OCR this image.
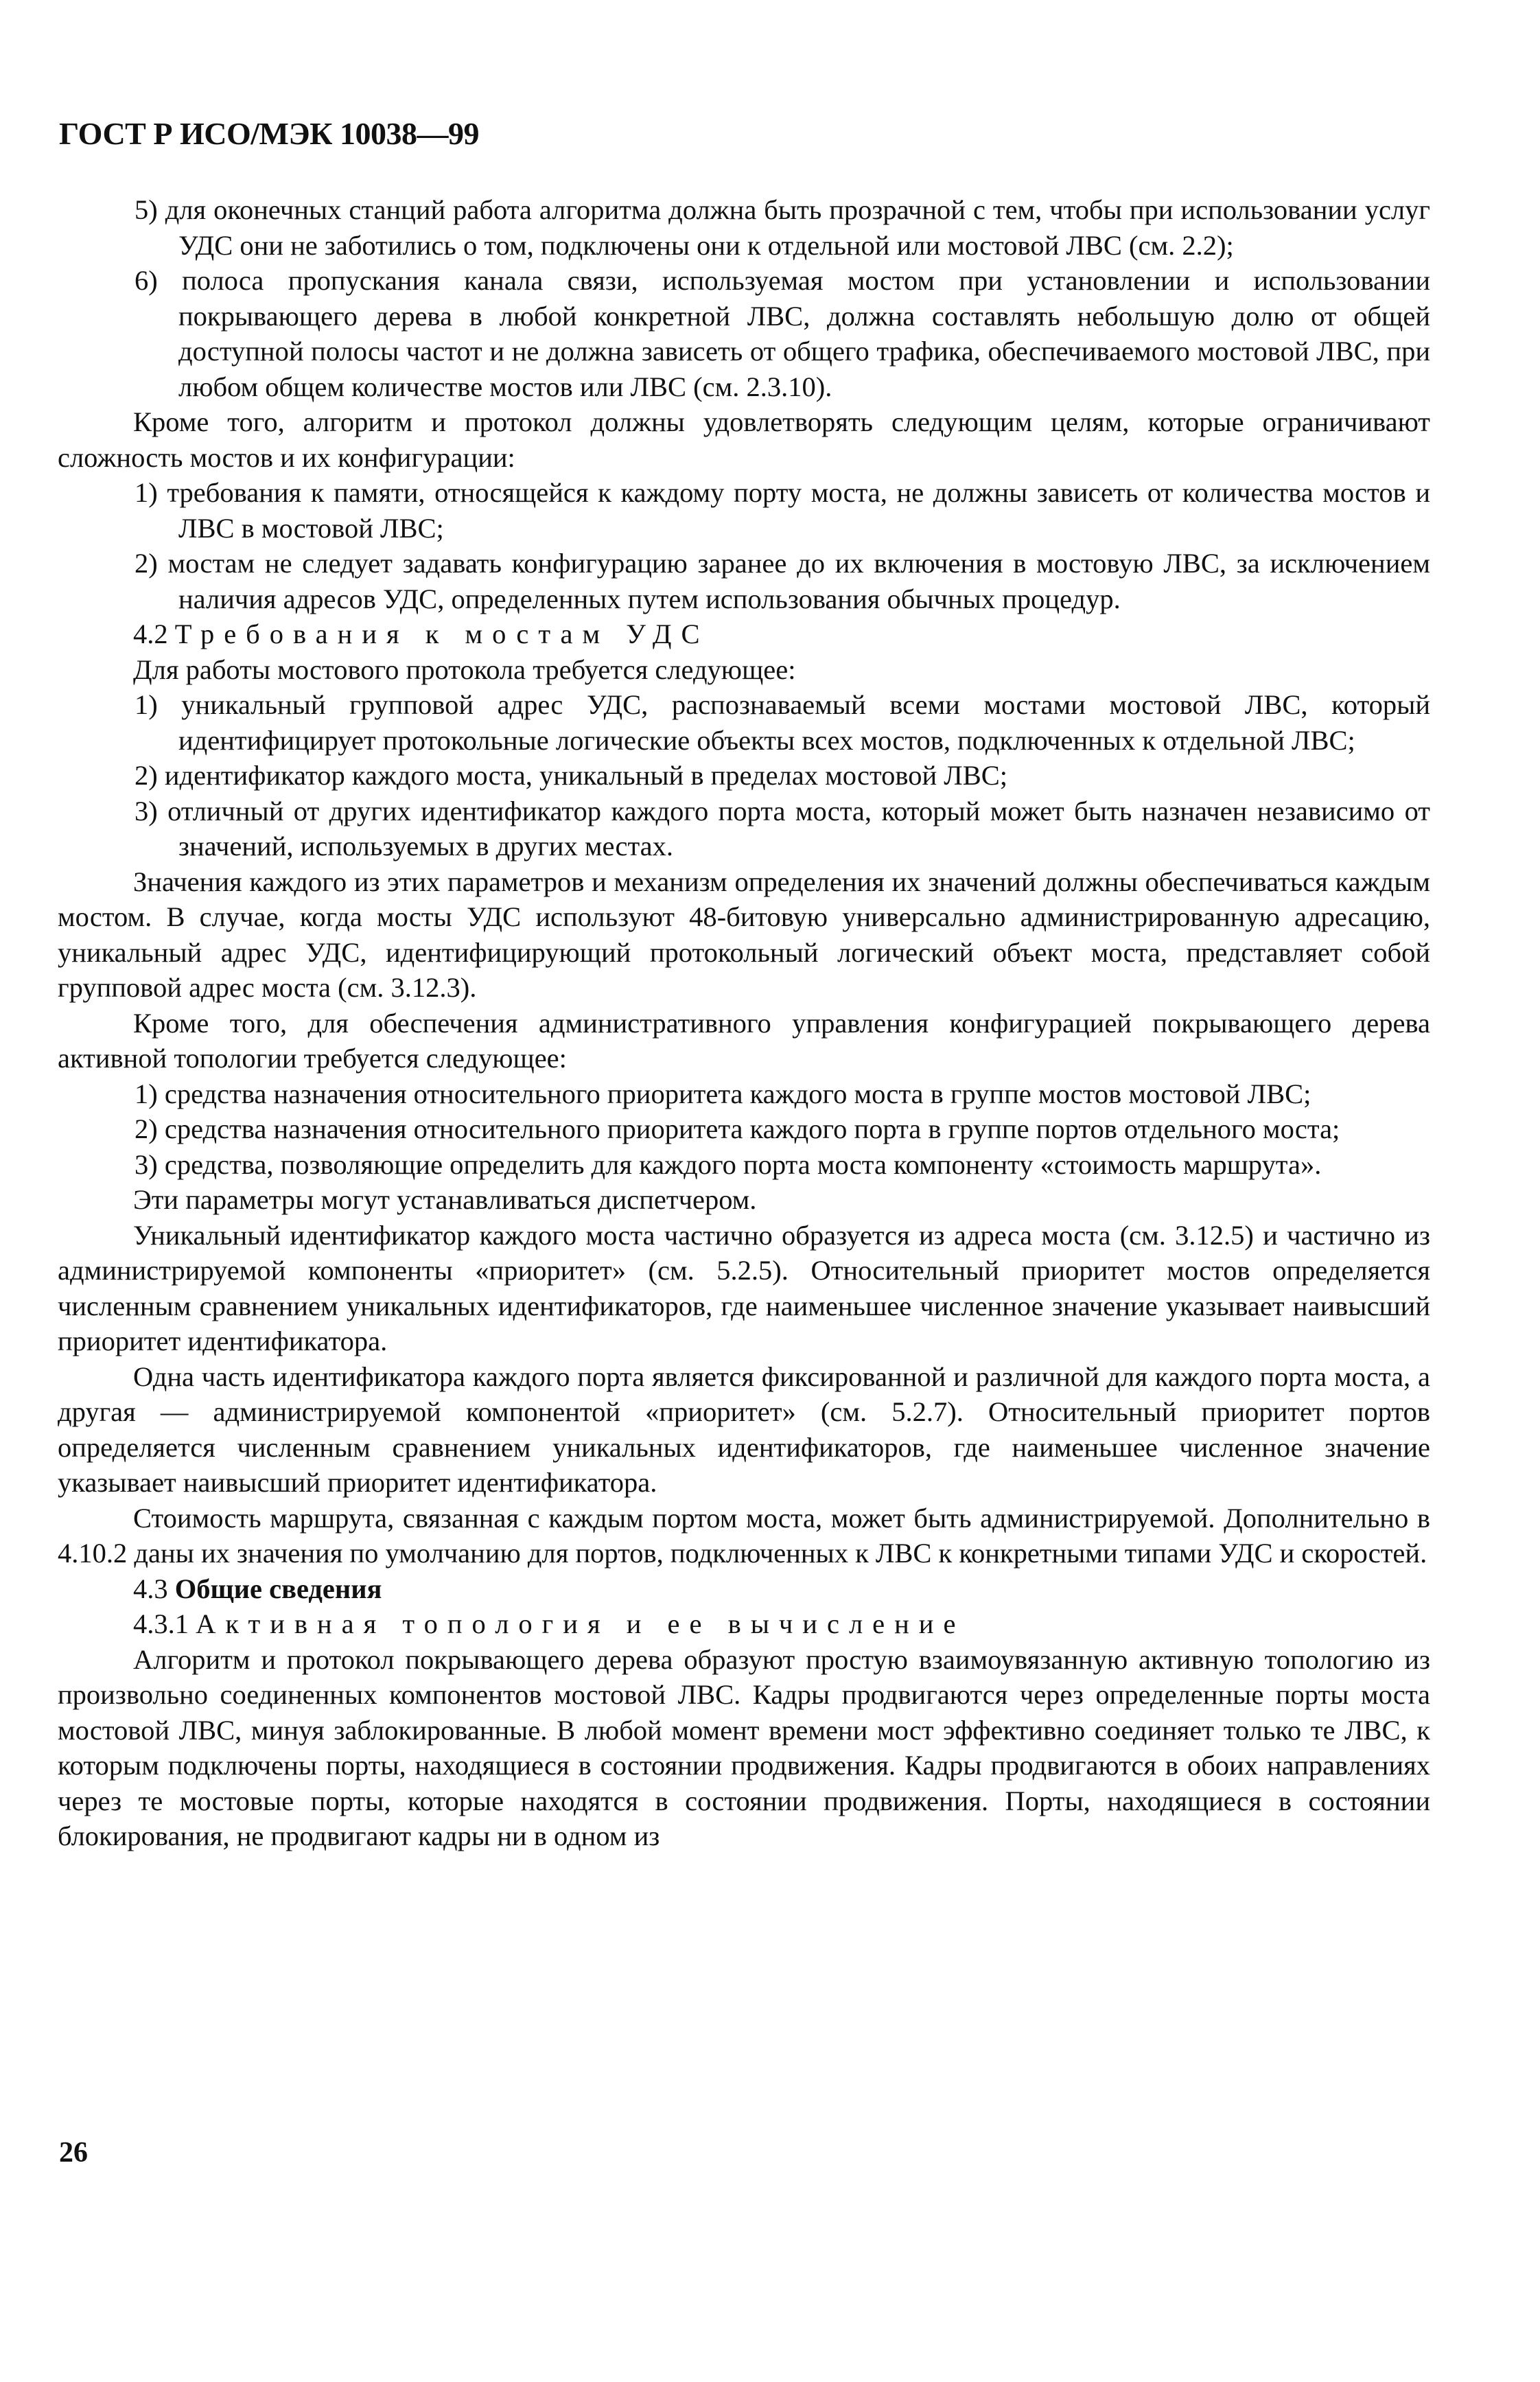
ГОСТ Р ИСО/МЭК 10038—99

5) для оконечных станций работа алгоритма должна быть прозрачной с тем, чтобы при использовании услуг УДС они не заботились о том, подключены они к отдельной или мостовой ЛВС (см. 2.2);

6) полоса пропускания канала связи, используемая мостом при установлении и использовании покрывающего дерева в любой конкретной ЛВС, должна составлять небольшую долю от общей доступной полосы частот и не должна зависеть от общего трафика, обеспечиваемого мостовой ЛВС, при любом общем количестве мостов или ЛВС (см. 2.3.10).

Кроме того, алгоритм и протокол должны удовлетворять следующим целям, которые ограничивают сложность мостов и их конфигурации:

1) требования к памяти, относящейся к каждому порту моста, не должны зависеть от количества мостов и ЛВС в мостовой ЛВС;

2) мостам не следует задавать конфигурацию заранее до их включения в мостовую ЛВС, за исключением наличия адресов УДС, определенных путем использования обычных процедур.

4.2 Требования к мостам УДС

Для работы мостового протокола требуется следующее:

1) уникальный групповой адрес УДС, распознаваемый всеми мостами мостовой ЛВС, который идентифицирует протокольные логические объекты всех мостов, подключенных к отдельной ЛВС;

2) идентификатор каждого моста, уникальный в пределах мостовой ЛВС;

3) отличный от других идентификатор каждого порта моста, который может быть назначен независимо от значений, используемых в других местах.

Значения каждого из этих параметров и механизм определения их значений должны обеспечиваться каждым мостом. В случае, когда мосты УДС используют 48-битовую универсально администрированную адресацию, уникальный адрес УДС, идентифицирующий протокольный логический объект моста, представляет собой групповой адрес моста (см. 3.12.3).

Кроме того, для обеспечения административного управления конфигурацией покрывающего дерева активной топологии требуется следующее:

1) средства назначения относительного приоритета каждого моста в группе мостов мостовой ЛВС;

2) средства назначения относительного приоритета каждого порта в группе портов отдельного моста;

3) средства, позволяющие определить для каждого порта моста компоненту «стоимость маршрута».

Эти параметры могут устанавливаться диспетчером.

Уникальный идентификатор каждого моста частично образуется из адреса моста (см. 3.12.5) и частично из администрируемой компоненты «приоритет» (см. 5.2.5). Относительный приоритет мостов определяется численным сравнением уникальных идентификаторов, где наименьшее численное значение указывает наивысший приоритет идентификатора.

Одна часть идентификатора каждого порта является фиксированной и различной для каждого порта моста, а другая — администрируемой компонентой «приоритет» (см. 5.2.7). Относительный приоритет портов определяется численным сравнением уникальных идентификаторов, где наименьшее численное значение указывает наивысший приоритет идентификатора.

Стоимость маршрута, связанная с каждым портом моста, может быть администрируемой. Дополнительно в 4.10.2 даны их значения по умолчанию для портов, подключенных к ЛВС к конкретными типами УДС и скоростей.

4.3 Общие сведения

4.3.1 Активная топология и ее вычисление

Алгоритм и протокол покрывающего дерева образуют простую взаимоувязанную активную топологию из произвольно соединенных компонентов мостовой ЛВС. Кадры продвигаются через определенные порты моста мостовой ЛВС, минуя заблокированные. В любой момент времени мост эффективно соединяет только те ЛВС, к которым подключены порты, находящиеся в состоянии продвижения. Кадры продвигаются в обоих направлениях через те мостовые порты, которые находятся в состоянии продвижения. Порты, находящиеся в состоянии блокирования, не продвигают кадры ни в одном из

26
